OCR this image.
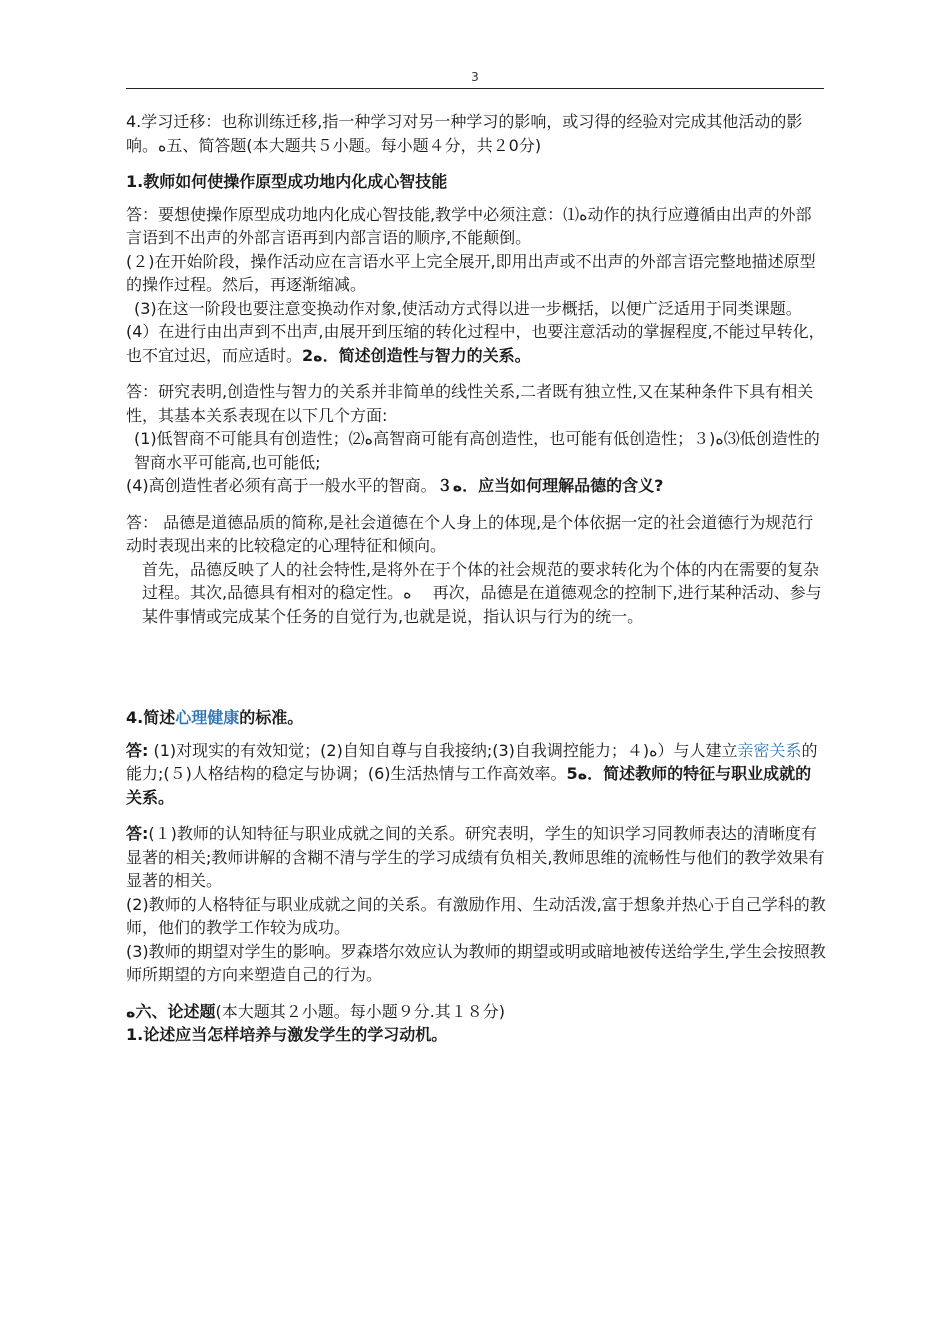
3

4.学习迁移：也称训练迁移,指一种学习对另一种学习的影响，或习得的经验对完成其他活动的影响。ە五、简答题(本大题共５小题。每小题４分，共２0分)

1.教师如何使操作原型成功地内化成心智技能

答：要想使操作原型成功地内化成心智技能,教学中必须注意：⑴ە动作的执行应遵循由出声的外部言语到不出声的外部言语再到内部言语的顺序,不能颠倒。

(２)在开始阶段，操作活动应在言语水平上完全展开,即用出声或不出声的外部言语完整地描述原型的操作过程。然后，再逐渐缩减。

(3)在这一阶段也要注意变换动作对象,使活动方式得以进一步概括，以便广泛适用于同类课题。

(4）在进行由出声到不出声,由展开到压缩的转化过程中，也要注意活动的掌握程度,不能过早转化，也不宜过迟，而应适时。2ە．简述创造性与智力的关系。

答：研究表明,创造性与智力的关系并非简单的线性关系,二者既有独立性,又在某种条件下具有相关性，其基本关系表现在以下几个方面:

(1)低智商不可能具有创造性；⑵ە高智商可能有高创造性，也可能有低创造性；３)ە⑶低创造性的智商水平可能高,也可能低;

(4)高创造性者必须有高于一般水平的智商。３ە．应当如何理解品德的含义?

答： 品德是道德品质的简称,是社会道德在个人身上的体现,是个体依据一定的社会道德行为规范行动时表现出来的比较稳定的心理特征和倾向。

首先，品德反映了人的社会特性,是将外在于个体的社会规范的要求转化为个体的内在需要的复杂过程。其次,品德具有相对的稳定性。ە　 再次，品德是在道德观念的控制下,进行某种活动、参与某件事情或完成某个任务的自觉行为,也就是说，指认识与行为的统一。

4.简述心理健康的标准。

答: (1)对现实的有效知觉；(2)自知自尊与自我接纳;(3)自我调控能力；４)ە）与人建立亲密关系的能力;(５)人格结构的稳定与协调；(6)生活热情与工作高效率。5ە．简述教师的特征与职业成就的关系。

答:(１)教师的认知特征与职业成就之间的关系。研究表明，学生的知识学习同教师表达的清晰度有显著的相关;教师讲解的含糊不清与学生的学习成绩有负相关,教师思维的流畅性与他们的教学效果有显著的相关。

(2)教师的人格特征与职业成就之间的关系。有激励作用、生动活泼,富于想象并热心于自己学科的教师，他们的教学工作较为成功。

(3)教师的期望对学生的影响。罗森塔尔效应认为教师的期望或明或暗地被传送给学生,学生会按照教师所期望的方向来塑造自己的行为。

ە六、论述题(本大题其２小题。每小题９分.其１８分)

1.论述应当怎样培养与激发学生的学习动机。
